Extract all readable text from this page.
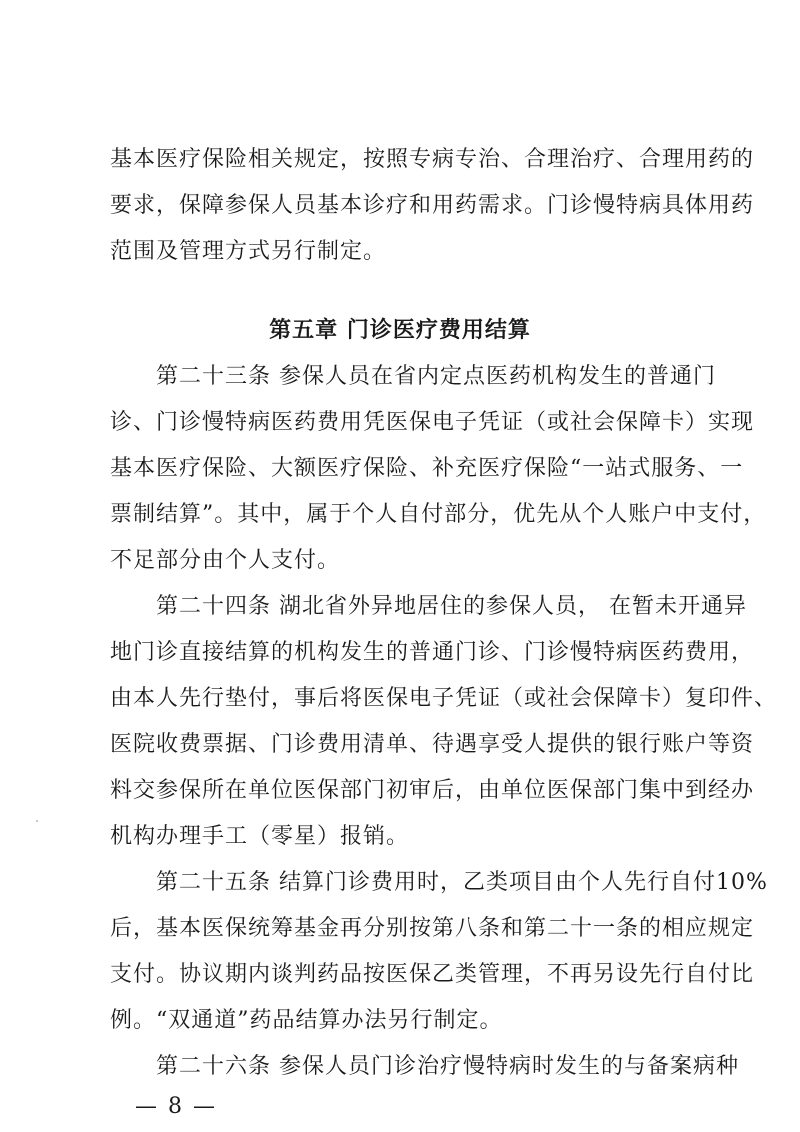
基本医疗保险相关规定，按照专病专治、合理治疗、合理用药的
要求，保障参保人员基本诊疗和用药需求。门诊慢特病具体用药
范围及管理方式另行制定。
第五章 门诊医疗费用结算
第二十三条 参保人员在省内定点医药机构发生的普通门
诊、门诊慢特病医药费用凭医保电子凭证（或社会保障卡）实现
基本医疗保险、大额医疗保险、补充医疗保险“一站式服务、一
票制结算”。其中，属于个人自付部分，优先从个人账户中支付，
不足部分由个人支付。
第二十四条 湖北省外异地居住的参保人员， 在暂未开通异
地门诊直接结算的机构发生的普通门诊、门诊慢特病医药费用，
由本人先行垫付，事后将医保电子凭证（或社会保障卡）复印件、
医院收费票据、门诊费用清单、待遇享受人提供的银行账户等资
料交参保所在单位医保部门初审后，由单位医保部门集中到经办
机构办理手工（零星）报销。
第二十五条 结算门诊费用时，乙类项目由个人先行自付10%
后，基本医保统筹基金再分别按第八条和第二十一条的相应规定
支付。协议期内谈判药品按医保乙类管理，不再另设先行自付比
例。“双通道”药品结算办法另行制定。
第二十六条 参保人员门诊治疗慢特病时发生的与备案病种
— 8 —
